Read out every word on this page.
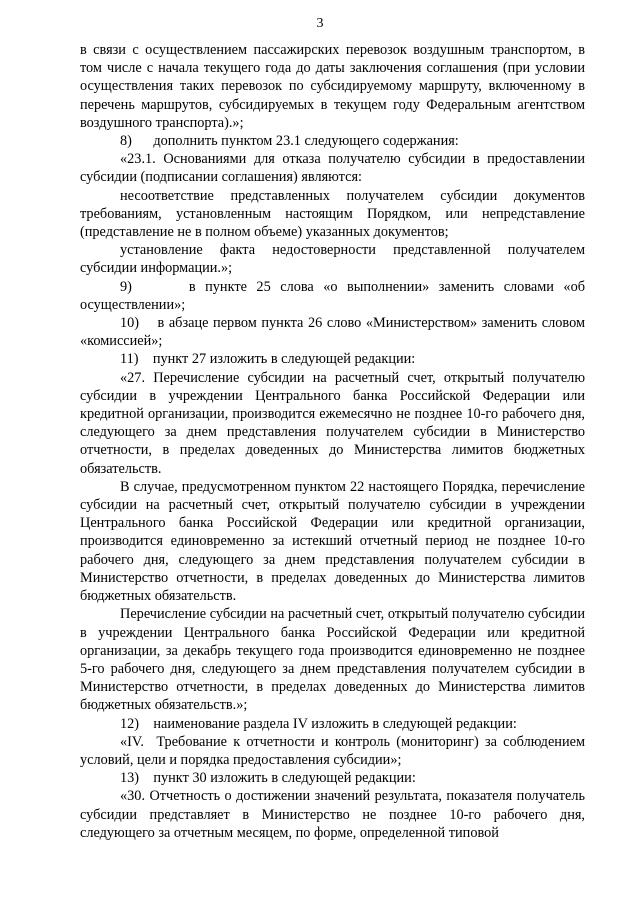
3

в связи с осуществлением пассажирских перевозок воздушным транспортом, в том числе с начала текущего года до даты заключения соглашения (при условии осуществления таких перевозок по субсидируемому маршруту, включенному в перечень маршрутов, субсидируемых в текущем году Федеральным агентством воздушного транспорта).»;

8)      дополнить пунктом 23.1 следующего содержания:

«23.1. Основаниями для отказа получателю субсидии в предоставлении субсидии (подписании соглашения) являются:

несоответствие представленных получателем субсидии документов требованиям, установленным настоящим Порядком, или непредставление (представление не в полном объеме) указанных документов;

установление факта недостоверности представленной получателем субсидии информации.»;

9)      в пункте 25 слова «о выполнении» заменить словами «об осуществлении»;

10)    в абзаце первом пункта 26 слово «Министерством» заменить словом «комиссией»;

11)    пункт 27 изложить в следующей редакции:

«27. Перечисление субсидии на расчетный счет, открытый получателю субсидии в учреждении Центрального банка Российской Федерации или кредитной организации, производится ежемесячно не позднее 10-го рабочего дня, следующего за днем представления получателем субсидии в Министерство отчетности, в пределах доведенных до Министерства лимитов бюджетных обязательств.

В случае, предусмотренном пунктом 22 настоящего Порядка, перечисление субсидии на расчетный счет, открытый получателю субсидии в учреждении Центрального банка Российской Федерации или кредитной организации, производится единовременно за истекший отчетный период не позднее 10-го рабочего дня, следующего за днем представления получателем субсидии в Министерство отчетности, в пределах доведенных до Министерства лимитов бюджетных обязательств.

Перечисление субсидии на расчетный счет, открытый получателю субсидии в учреждении Центрального банка Российской Федерации или кредитной организации, за декабрь текущего года производится единовременно не позднее 5-го рабочего дня, следующего за днем представления получателем субсидии в Министерство отчетности, в пределах доведенных до Министерства лимитов бюджетных обязательств.»;

12)    наименование раздела IV изложить в следующей редакции:

«IV.  Требование к отчетности и контроль (мониторинг) за соблюдением условий, цели и порядка предоставления субсидии»;

13)    пункт 30 изложить в следующей редакции:

«30. Отчетность о достижении значений результата, показателя получатель субсидии представляет в Министерство не позднее 10-го рабочего дня, следующего за отчетным месяцем, по форме, определенной типовой
